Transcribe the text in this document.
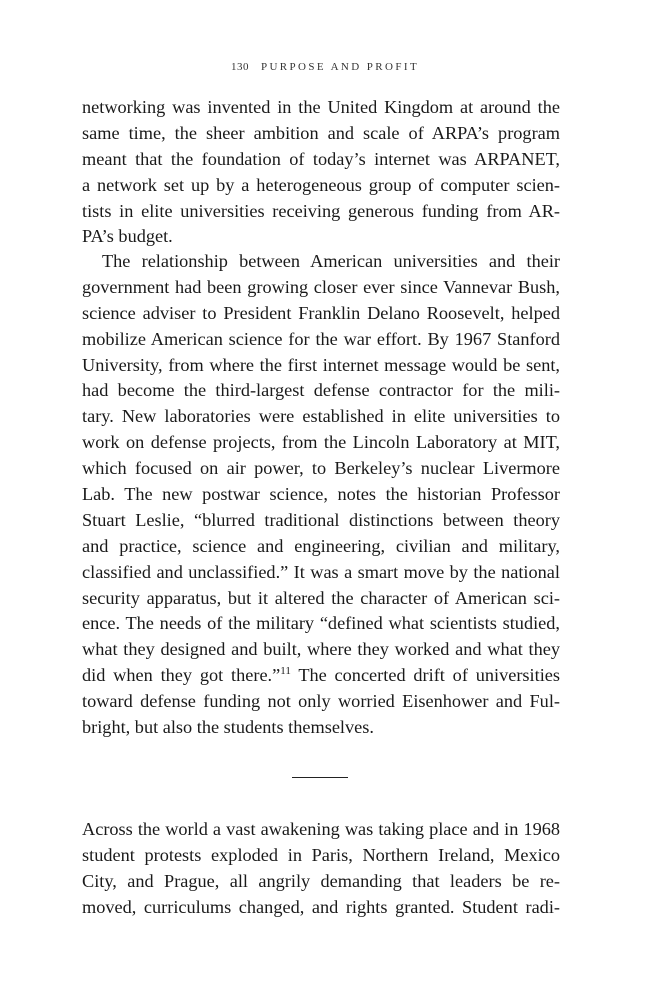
130 PURPOSE AND PROFIT
networking was invented in the United Kingdom at around the
same time, the sheer ambition and scale of ARPA’s program
meant that the foundation of today’s internet was ARPANET,
a network set up by a heterogeneous group of computer scien-
tists in elite universities receiving generous funding from AR-
PA’s budget.
The relationship between American universities and their
government had been growing closer ever since Vannevar Bush,
science adviser to President Franklin Delano Roosevelt, helped
mobilize American science for the war effort. By 1967 Stanford
University, from where the first internet message would be sent,
had become the third-largest defense contractor for the mili-
tary. New laboratories were established in elite universities to
work on defense projects, from the Lincoln Laboratory at MIT,
which focused on air power, to Berkeley’s nuclear Livermore
Lab. The new postwar science, notes the historian Professor
Stuart Leslie, “blurred traditional distinctions between theory
and practice, science and engineering, civilian and military,
classified and unclassified.” It was a smart move by the national
security apparatus, but it altered the character of American sci-
ence. The needs of the military “defined what scientists studied,
what they designed and built, where they worked and what they
did when they got there.”$^{11}$ The concerted drift of universities
toward defense funding not only worried Eisenhower and Ful-
bright, but also the students themselves.
Across the world a vast awakening was taking place and in 1968
student protests exploded in Paris, Northern Ireland, Mexico
City, and Prague, all angrily demanding that leaders be re-
moved, curriculums changed, and rights granted. Student radi-
